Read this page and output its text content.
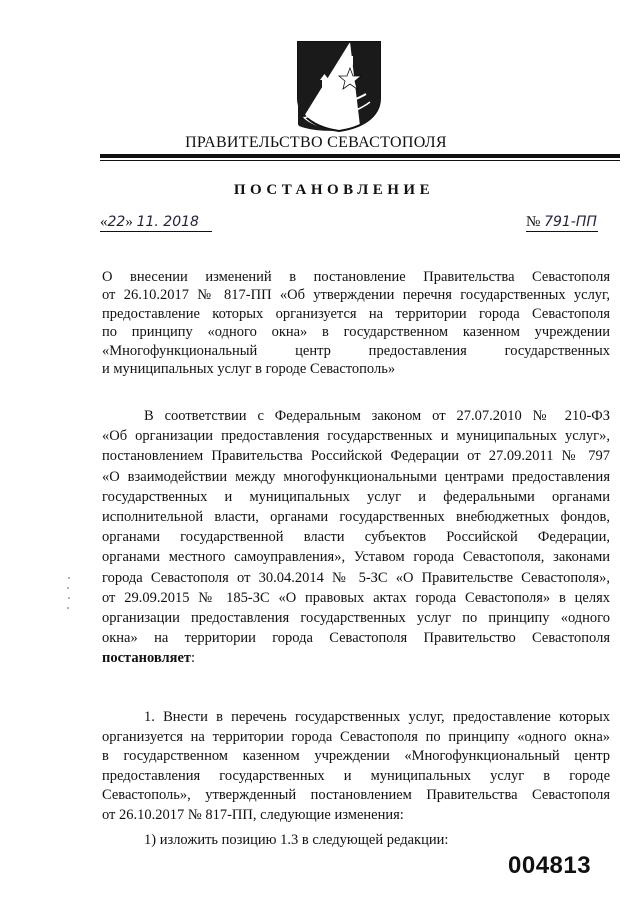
ПРАВИТЕЛЬСТВО СЕВАСТОПОЛЯ
ПОСТАНОВЛЕНИЕ
«22» 11. 2018	№ 791-ПП
О внесении изменений в постановление Правительства Севастополя
от 26.10.2017 № 817-ПП «Об утверждении перечня государственных услуг,
предоставление которых организуется на территории города Севастополя
по принципу «одного окна» в государственном казенном учреждении
«Многофункциональный центр предоставления государственных
и муниципальных услуг в городе Севастополь»
В соответствии с Федеральным законом от 27.07.2010 № 210-ФЗ
«Об организации предоставления государственных и муниципальных услуг»,
постановлением Правительства Российской Федерации от 27.09.2011 № 797
«О взаимодействии между многофункциональными центрами предоставления
государственных и муниципальных услуг и федеральными органами
исполнительной власти, органами государственных внебюджетных фондов,
органами государственной власти субъектов Российской Федерации,
органами местного самоуправления», Уставом города Севастополя, законами
города Севастополя от 30.04.2014 № 5-ЗС «О Правительстве Севастополя»,
от 29.09.2015 № 185-ЗС «О правовых актах города Севастополя» в целях
организации предоставления государственных услуг по принципу «одного
окна» на территории города Севастополя Правительство Севастополя
постановляет:
1. Внести в перечень государственных услуг, предоставление которых
организуется на территории города Севастополя по принципу «одного окна»
в государственном казенном учреждении «Многофункциональный центр
предоставления государственных и муниципальных услуг в городе
Севастополь», утвержденный постановлением Правительства Севастополя
от 26.10.2017 № 817-ПП, следующие изменения:
1) изложить позицию 1.3 в следующей редакции:
004813
